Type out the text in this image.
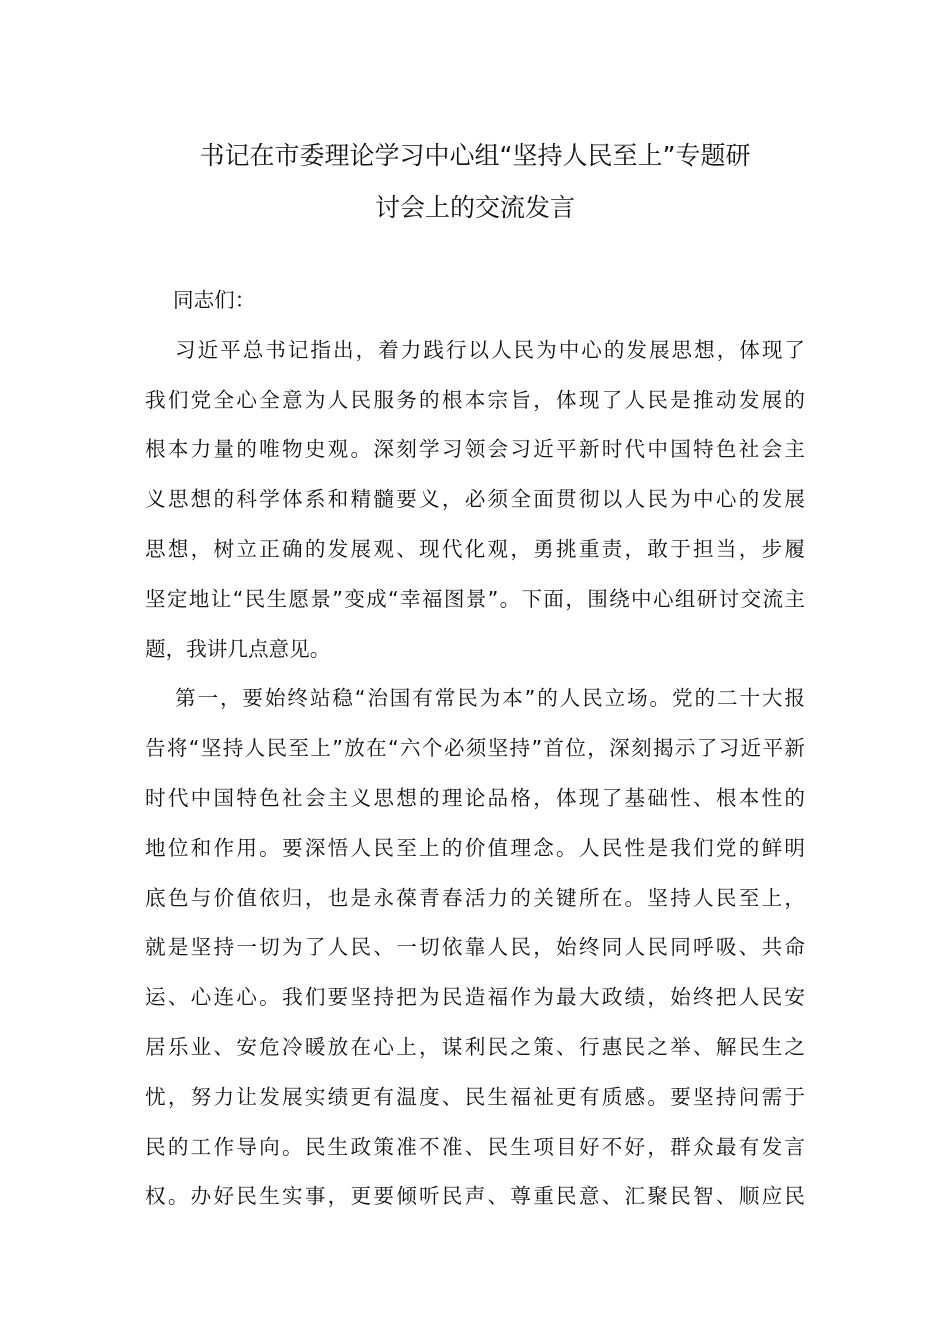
书记在市委理论学习中心组“坚持人民至上”专题研
讨会上的交流发言

同志们：

习近平总书记指出，着力践行以人民为中心的发展思想，体现了
我们党全心全意为人民服务的根本宗旨，体现了人民是推动发展的
根本力量的唯物史观。深刻学习领会习近平新时代中国特色社会主
义思想的科学体系和精髓要义，必须全面贯彻以人民为中心的发展
思想，树立正确的发展观、现代化观，勇挑重责，敢于担当，步履
坚定地让“民生愿景”变成“幸福图景”。下面，围绕中心组研讨交流主
题，我讲几点意见。

第一，要始终站稳“治国有常民为本”的人民立场。党的二十大报
告将“坚持人民至上”放在“六个必须坚持”首位，深刻揭示了习近平新
时代中国特色社会主义思想的理论品格，体现了基础性、根本性的
地位和作用。要深悟人民至上的价值理念。人民性是我们党的鲜明
底色与价值依归，也是永葆青春活力的关键所在。坚持人民至上，
就是坚持一切为了人民、一切依靠人民，始终同人民同呼吸、共命
运、心连心。我们要坚持把为民造福作为最大政绩，始终把人民安
居乐业、安危冷暖放在心上，谋利民之策、行惠民之举、解民生之
忧，努力让发展实绩更有温度、民生福祉更有质感。要坚持问需于
民的工作导向。民生政策准不准、民生项目好不好，群众最有发言
权。办好民生实事，更要倾听民声、尊重民意、汇聚民智、顺应民
